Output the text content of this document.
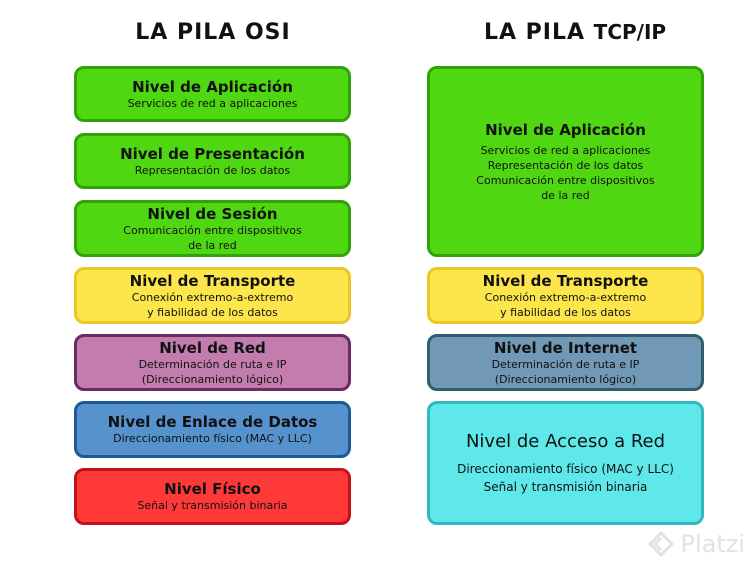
LA PILA OSI	LA PILA TCP/IP
Nivel de Aplicación
Servicios de red a aplicaciones
Nivel de Presentación
Representación de los datos
Nivel de Sesión
Comunicación entre dispositivos
de la red
Nivel de Transporte
Conexión extremo-a-extremo
y fiabilidad de los datos
Nivel de Red
Determinación de ruta e IP
(Direccionamiento lógico)
Nivel de Enlace de Datos
Direccionamiento físico (MAC y LLC)
Nivel Físico
Señal y transmisión binaria
Nivel de Aplicación
Servicios de red a aplicaciones
Representación de los datos
Comunicación entre dispositivos
de la red
Nivel de Transporte
Conexión extremo-a-extremo
y fiabilidad de los datos
Nivel de Internet
Determinación de ruta e IP
(Direccionamiento lógico)
Nivel de Acceso a Red
Direccionamiento físico (MAC y LLC)
Señal y transmisión binaria
Platzi
